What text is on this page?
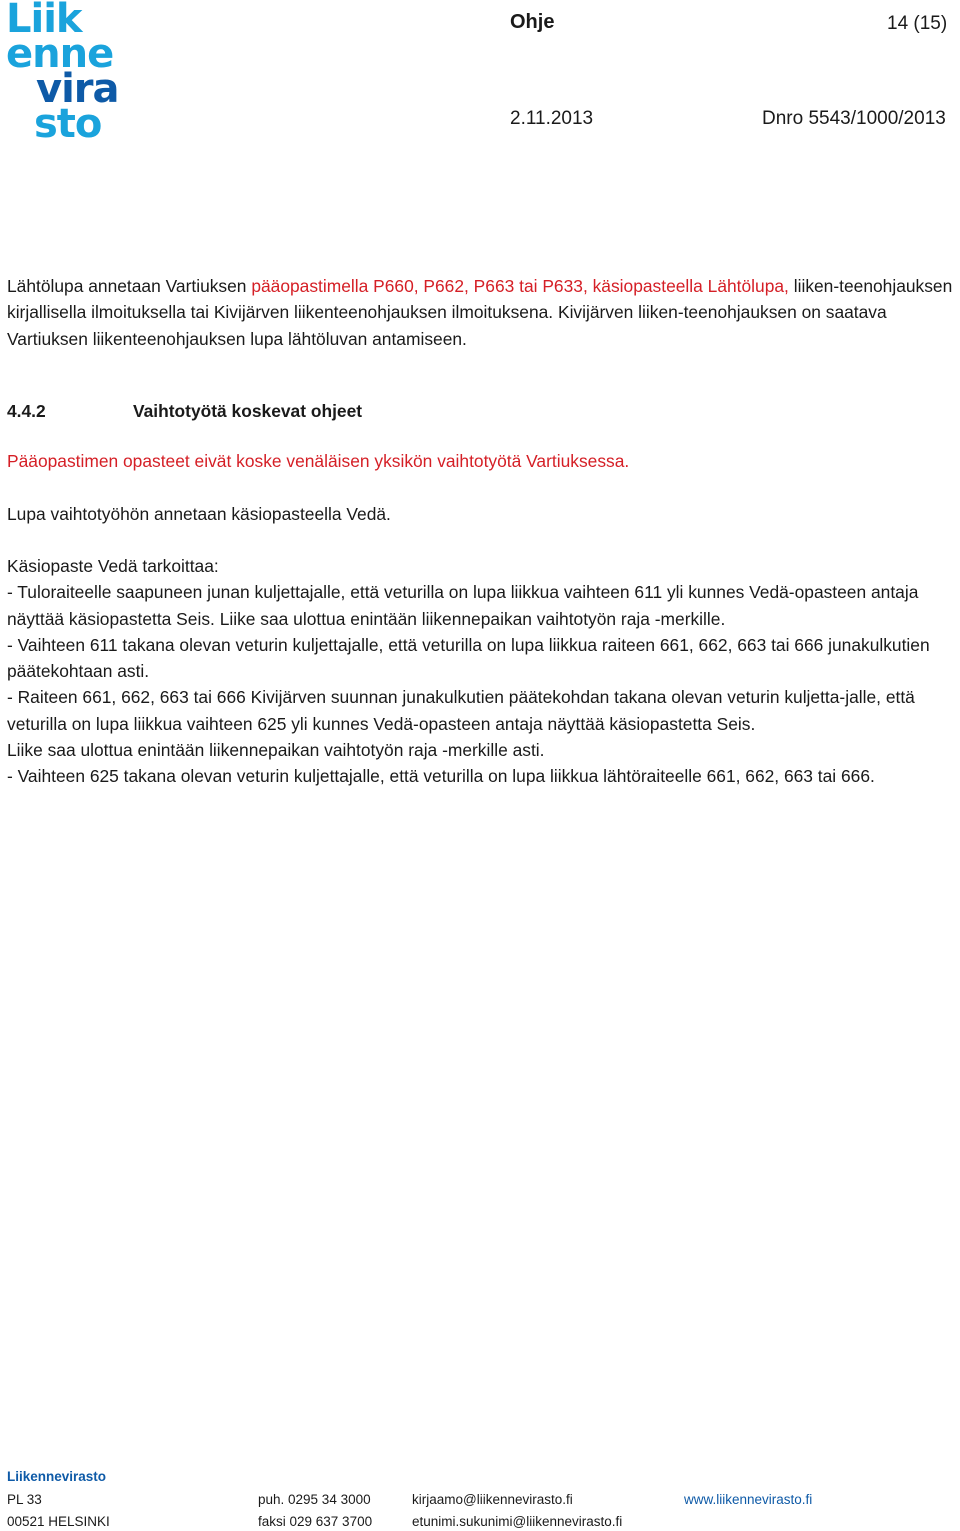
Liik
enne
vira
sto
Ohje	14 (15)
2.11.2013	Dnro 5543/1000/2013
Lähtölupa annetaan Vartiuksen pääopastimella P660, P662, P663 tai P633, käsiopasteella Lähtölupa, liiken-teenohjauksen kirjallisella ilmoituksella tai Kivijärven liikenteenohjauksen ilmoituksena. Kivijärven liiken-teenohjauksen on saatava Vartiuksen liikenteenohjauksen lupa lähtöluvan antamiseen.
4.4.2	Vaihtotyötä koskevat ohjeet
Pääopastimen opasteet eivät koske venäläisen yksikön vaihtotyötä Vartiuksessa.
Lupa vaihtotyöhön annetaan käsiopasteella Vedä.
Käsiopaste Vedä tarkoittaa:
- Tuloraiteelle saapuneen junan kuljettajalle, että veturilla on lupa liikkua vaihteen 611 yli kunnes Vedä-opasteen antaja näyttää käsiopastetta Seis. Liike saa ulottua enintään liikennepaikan vaihtotyön raja -merkille.
- Vaihteen 611 takana olevan veturin kuljettajalle, että veturilla on lupa liikkua raiteen 661, 662, 663 tai 666 junakulkutien päätekohtaan asti.
- Raiteen 661, 662, 663 tai 666 Kivijärven suunnan junakulkutien päätekohdan takana olevan veturin kuljetta-jalle, että veturilla on lupa liikkua vaihteen 625 yli kunnes Vedä-opasteen antaja näyttää käsiopastetta Seis.
Liike saa ulottua enintään liikennepaikan vaihtotyön raja -merkille asti.
- Vaihteen 625 takana olevan veturin kuljettajalle, että veturilla on lupa liikkua lähtöraiteelle 661, 662, 663 tai 666.
Liikennevirasto
PL 33
00521 HELSINKI
puh. 0295 34 3000
faksi 029 637 3700
kirjaamo@liikennevirasto.fi
etunimi.sukunimi@liikennevirasto.fi
www.liikennevirasto.fi
